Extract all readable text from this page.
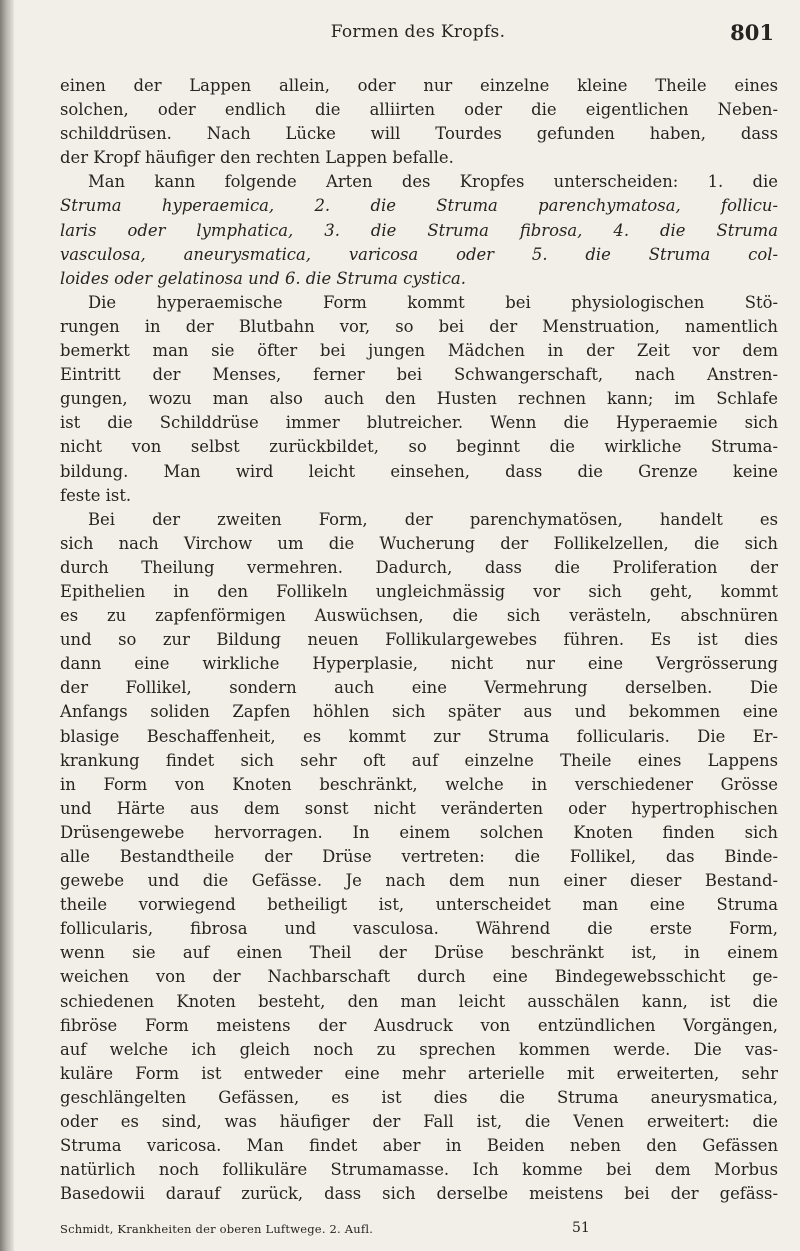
Formen des Kropfs.	801
einen der Lappen allein, oder nur einzelne kleine Theile eines
solchen, oder endlich die alliirten oder die eigentlichen Neben-
schilddrüsen. Nach Lücke will Tourdes gefunden haben, dass
der Kropf häufiger den rechten Lappen befalle.
Man kann folgende Arten des Kropfes unterscheiden: 1. die
Struma hyperaemica, 2. die Struma parenchymatosa, follicu-
laris oder lymphatica, 3. die Struma fibrosa, 4. die Struma
vasculosa, aneurysmatica, varicosa oder 5. die Struma col-
loides oder gelatinosa und 6. die Struma cystica.
Die hyperaemische Form kommt bei physiologischen Stö-
rungen in der Blutbahn vor, so bei der Menstruation, namentlich
bemerkt man sie öfter bei jungen Mädchen in der Zeit vor dem
Eintritt der Menses, ferner bei Schwangerschaft, nach Anstren-
gungen, wozu man also auch den Husten rechnen kann; im Schlafe
ist die Schilddrüse immer blutreicher. Wenn die Hyperaemie sich
nicht von selbst zurückbildet, so beginnt die wirkliche Struma-
bildung. Man wird leicht einsehen, dass die Grenze keine
feste ist.
Bei der zweiten Form, der parenchymatösen, handelt es
sich nach Virchow um die Wucherung der Follikelzellen, die sich
durch Theilung vermehren. Dadurch, dass die Proliferation der
Epithelien in den Follikeln ungleichmässig vor sich geht, kommt
es zu zapfenförmigen Auswüchsen, die sich verästeln, abschnüren
und so zur Bildung neuen Follikulargewebes führen. Es ist dies
dann eine wirkliche Hyperplasie, nicht nur eine Vergrösserung
der Follikel, sondern auch eine Vermehrung derselben. Die
Anfangs soliden Zapfen höhlen sich später aus und bekommen eine
blasige Beschaffenheit, es kommt zur Struma follicularis. Die Er-
krankung findet sich sehr oft auf einzelne Theile eines Lappens
in Form von Knoten beschränkt, welche in verschiedener Grösse
und Härte aus dem sonst nicht veränderten oder hypertrophischen
Drüsengewebe hervorragen. In einem solchen Knoten finden sich
alle Bestandtheile der Drüse vertreten: die Follikel, das Binde-
gewebe und die Gefässe. Je nach dem nun einer dieser Bestand-
theile vorwiegend betheiligt ist, unterscheidet man eine Struma
follicularis, fibrosa und vasculosa. Während die erste Form,
wenn sie auf einen Theil der Drüse beschränkt ist, in einem
weichen von der Nachbarschaft durch eine Bindegewebsschicht ge-
schiedenen Knoten besteht, den man leicht ausschälen kann, ist die
fibröse Form meistens der Ausdruck von entzündlichen Vorgängen,
auf welche ich gleich noch zu sprechen kommen werde. Die vas-
kuläre Form ist entweder eine mehr arterielle mit erweiterten, sehr
geschlängelten Gefässen, es ist dies die Struma aneurysmatica,
oder es sind, was häufiger der Fall ist, die Venen erweitert: die
Struma varicosa. Man findet aber in Beiden neben den Gefässen
natürlich noch follikuläre Strumamasse. Ich komme bei dem Morbus
Basedowii darauf zurück, dass sich derselbe meistens bei der gefäss-
Schmidt, Krankheiten der oberen Luftwege. 2. Aufl.	51
